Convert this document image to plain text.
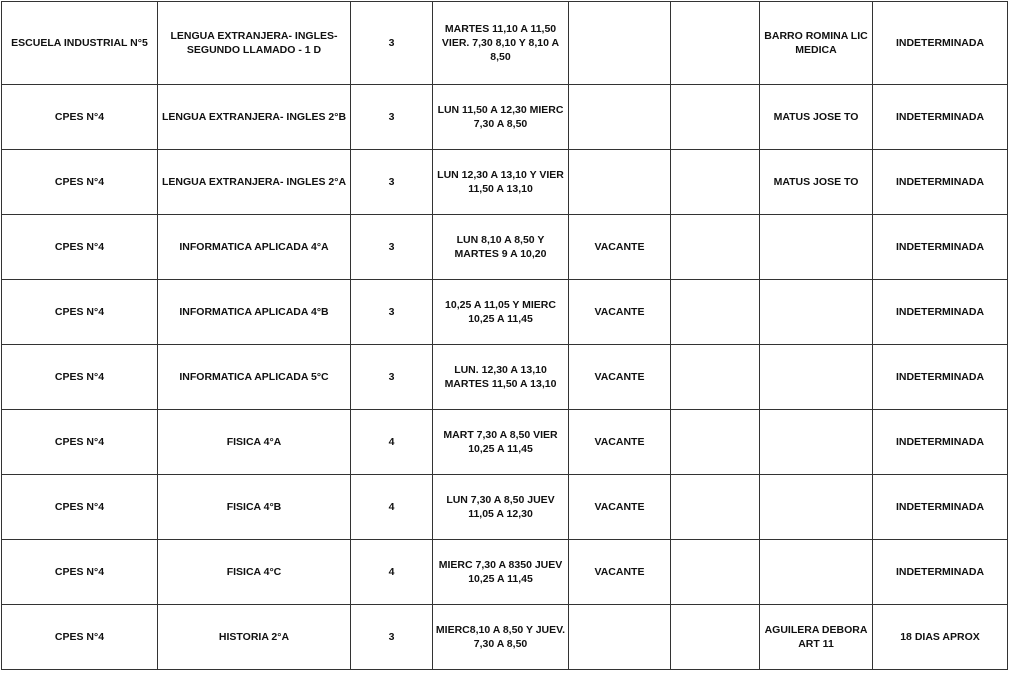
ESCUELA INDUSTRIAL N°5	LENGUA EXTRANJERA- INGLES- SEGUNDO LLAMADO - 1 D	3	MARTES 11,10 A 11,50 VIER. 7,30 8,10 Y 8,10 A 8,50			BARRO ROMINA LIC MEDICA	INDETERMINADA
CPES N°4	LENGUA EXTRANJERA- INGLES 2°B	3	LUN 11,50 A 12,30 MIERC 7,30 A 8,50			MATUS JOSE TO	INDETERMINADA
CPES N°4	LENGUA EXTRANJERA- INGLES 2°A	3	LUN 12,30 A 13,10 Y VIER 11,50 A 13,10			MATUS JOSE TO	INDETERMINADA
CPES N°4	INFORMATICA APLICADA 4°A	3	LUN 8,10 A 8,50 Y MARTES 9 A 10,20	VACANTE			INDETERMINADA
CPES N°4	INFORMATICA APLICADA 4°B	3	10,25 A 11,05 Y MIERC 10,25 A 11,45	VACANTE			INDETERMINADA
CPES N°4	INFORMATICA APLICADA 5°C	3	LUN. 12,30 A 13,10 MARTES 11,50 A 13,10	VACANTE			INDETERMINADA
CPES N°4	FISICA 4°A	4	MART 7,30 A 8,50 VIER 10,25 A 11,45	VACANTE			INDETERMINADA
CPES N°4	FISICA 4°B	4	LUN 7,30 A 8,50 JUEV 11,05 A 12,30	VACANTE			INDETERMINADA
CPES N°4	FISICA 4°C	4	MIERC 7,30 A 8350 JUEV 10,25 A 11,45	VACANTE			INDETERMINADA
CPES N°4	HISTORIA 2°A	3	MIERC8,10 A 8,50 Y JUEV. 7,30 A 8,50			AGUILERA DEBORA ART 11	18 DIAS APROX
